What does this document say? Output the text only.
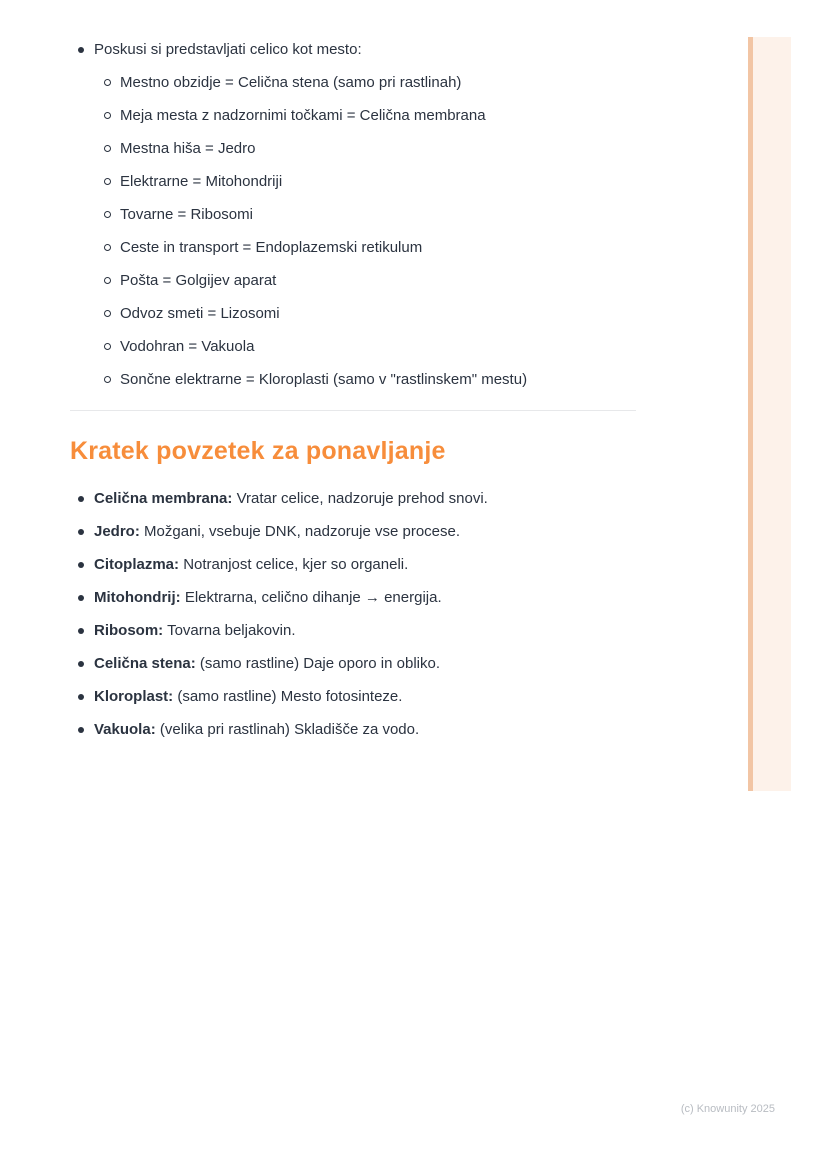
Poskusi si predstavljati celico kot mesto:
Mestno obzidje = Celična stena (samo pri rastlinah)
Meja mesta z nadzornimi točkami = Celična membrana
Mestna hiša = Jedro
Elektrarne = Mitohondriji
Tovarne = Ribosomi
Ceste in transport = Endoplazemski retikulum
Pošta = Golgijev aparat
Odvoz smeti = Lizosomi
Vodohran = Vakuola
Sončne elektrarne = Kloroplasti (samo v "rastlinskem" mestu)
Kratek povzetek za ponavljanje
Celična membrana: Vratar celice, nadzoruje prehod snovi.
Jedro: Možgani, vsebuje DNK, nadzoruje vse procese.
Citoplazma: Notranjost celice, kjer so organeli.
Mitohondrij: Elektrarna, celično dihanje → energija.
Ribosom: Tovarna beljakovin.
Celična stena: (samo rastline) Daje oporo in obliko.
Kloroplast: (samo rastline) Mesto fotosinteze.
Vakuola: (velika pri rastlinah) Skladišče za vodo.
(c) Knowunity 2025
